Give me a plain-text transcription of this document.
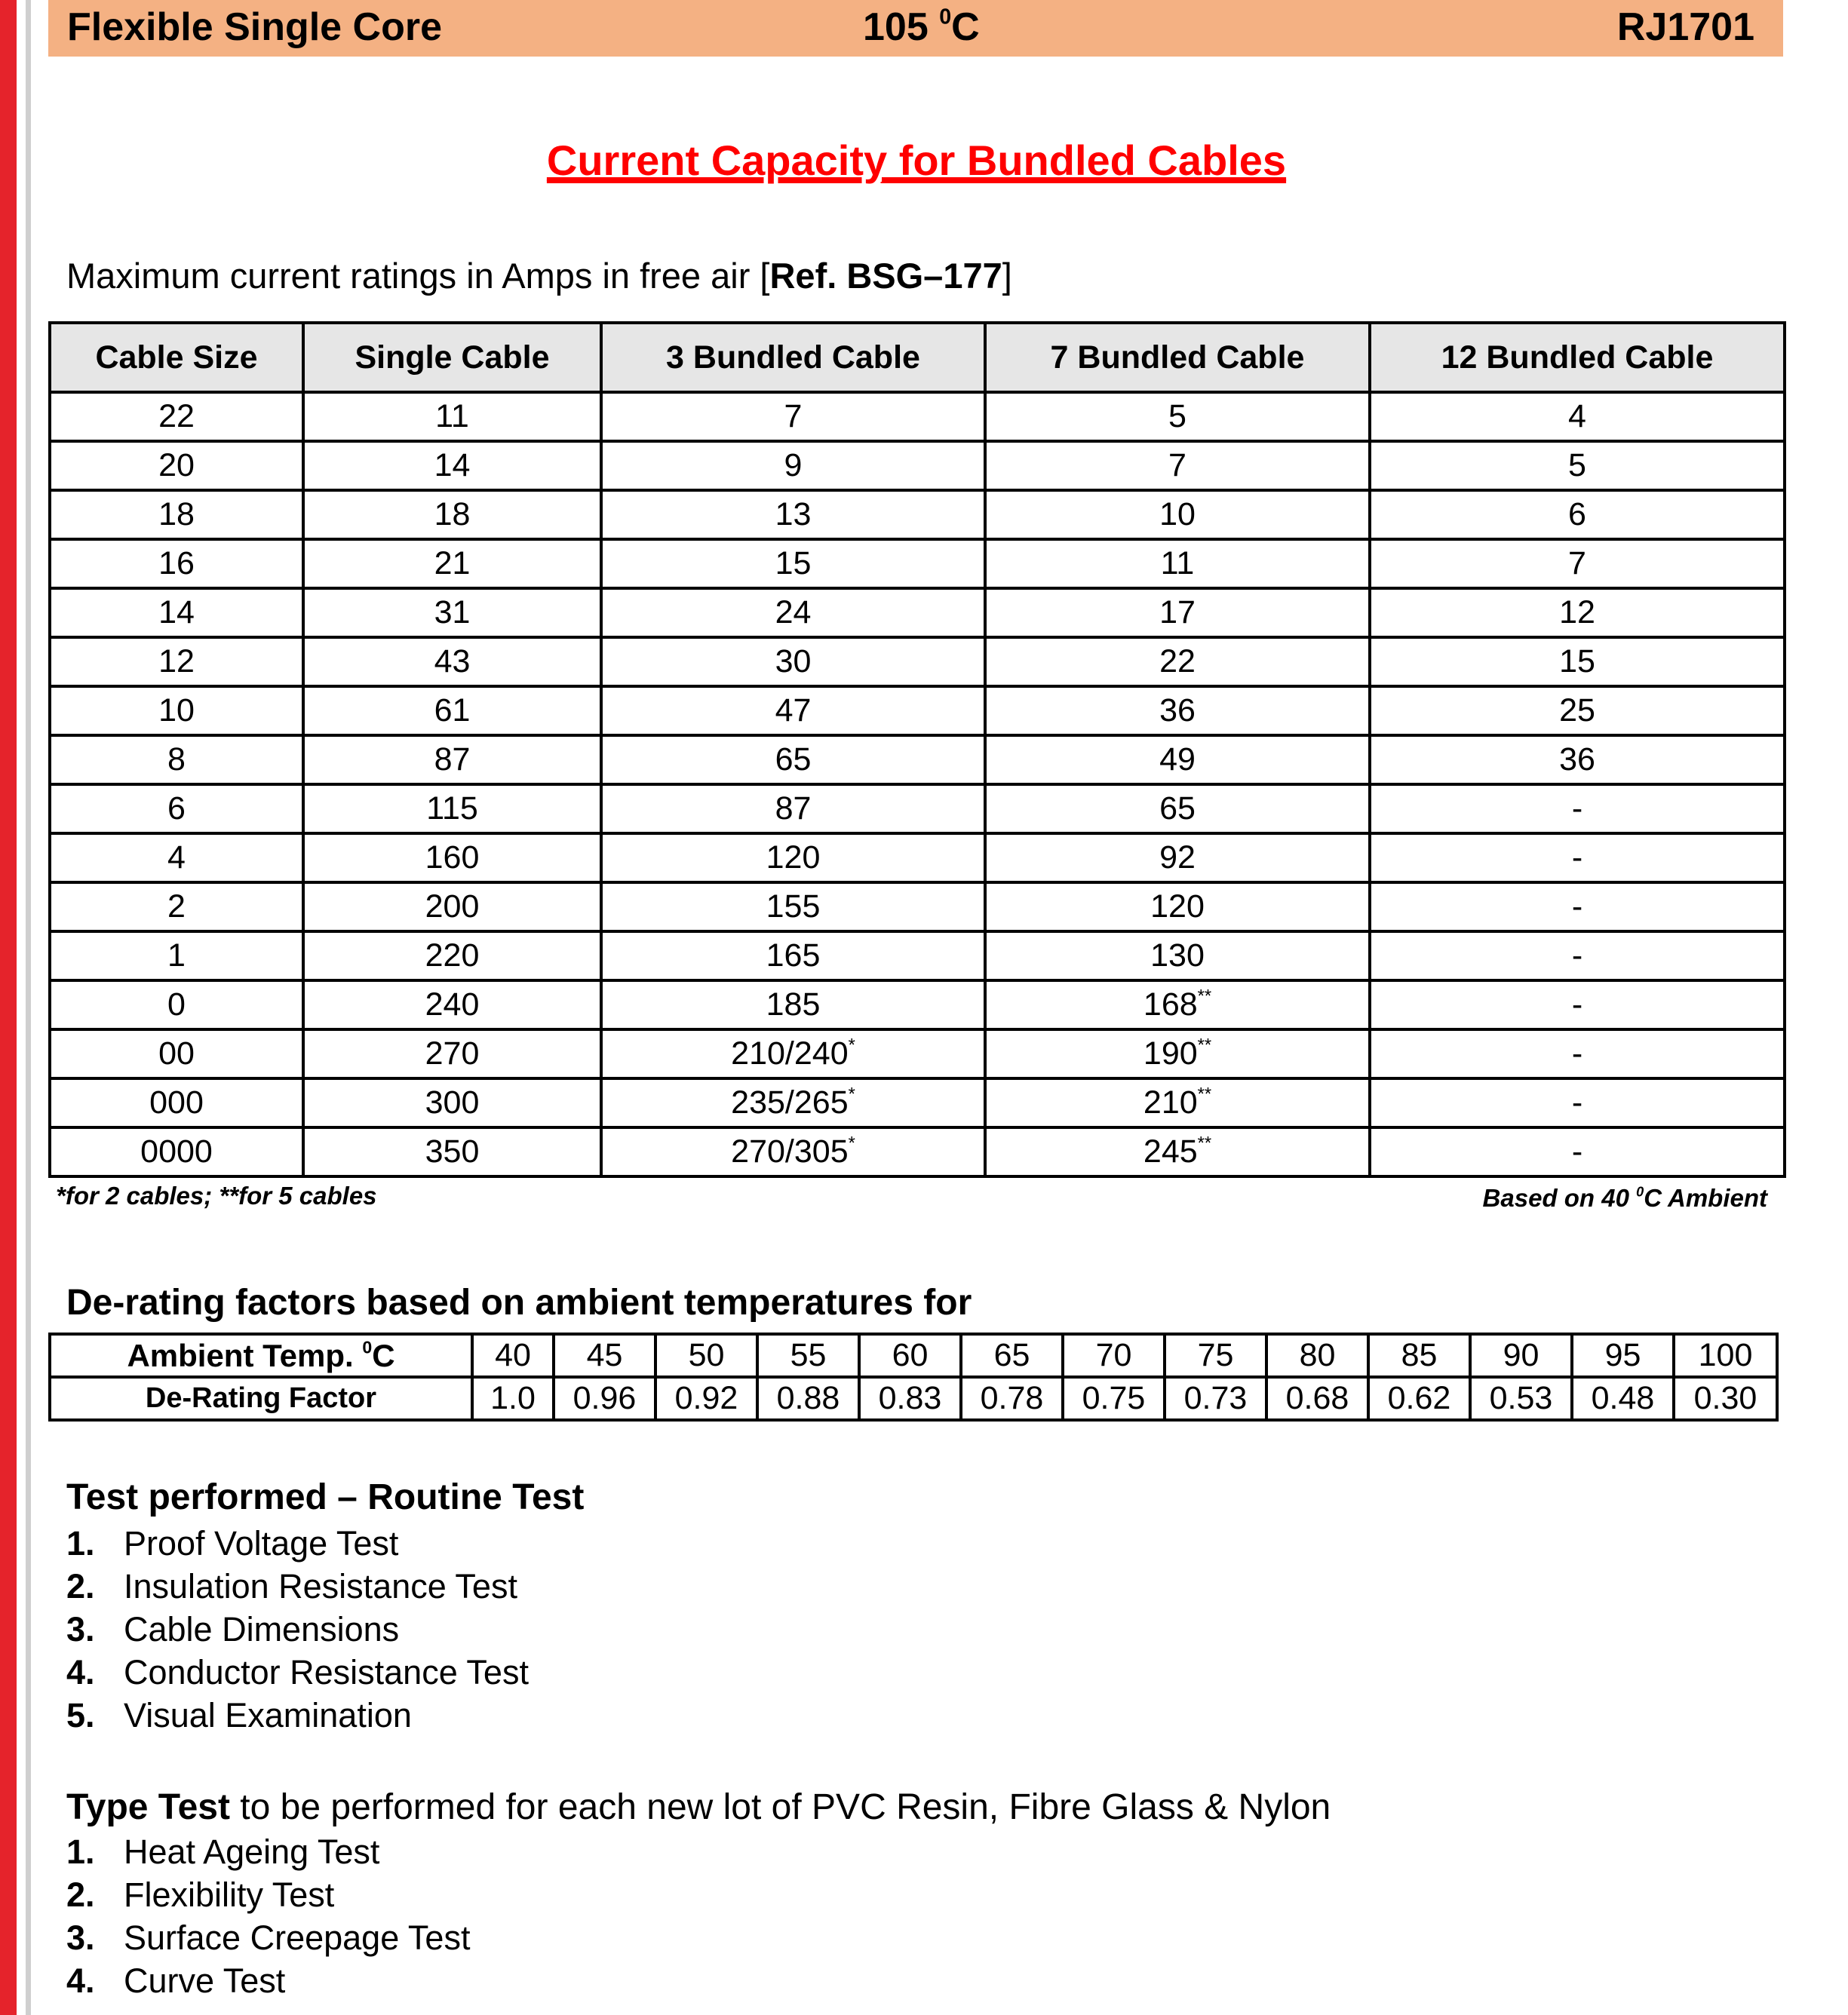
Flexible Single Core	105 $^0$C	RJ1701
Current Capacity for Bundled Cables
Maximum current ratings in Amps in free air [Ref. BSG–177]
Cable Size	Single Cable	3 Bundled Cable	7 Bundled Cable	12 Bundled Cable
22	11	7	5	4
20	14	9	7	5
18	18	13	10	6
16	21	15	11	7
14	31	24	17	12
12	43	30	22	15
10	61	47	36	25
8	87	65	49	36
6	115	87	65	-
4	160	120	92	-
2	200	155	120	-
1	220	165	130	-
0	240	185	168**	-
00	270	210/240*	190**	-
000	300	235/265*	210**	-
0000	350	270/305*	245**	-
*for 2 cables; **for 5 cables	Based on 40 $^0$C Ambient
De-rating factors based on ambient temperatures for
Ambient Temp. $^0$C	40	45	50	55	60	65	70	75	80	85	90	95	100
De-Rating Factor	1.0	0.96	0.92	0.88	0.83	0.78	0.75	0.73	0.68	0.62	0.53	0.48	0.30
Test performed – Routine Test
1. Proof Voltage Test
2. Insulation Resistance Test
3. Cable Dimensions
4. Conductor Resistance Test
5. Visual Examination
Type Test to be performed for each new lot of PVC Resin, Fibre Glass & Nylon
1. Heat Ageing Test
2. Flexibility Test
3. Surface Creepage Test
4. Curve Test
